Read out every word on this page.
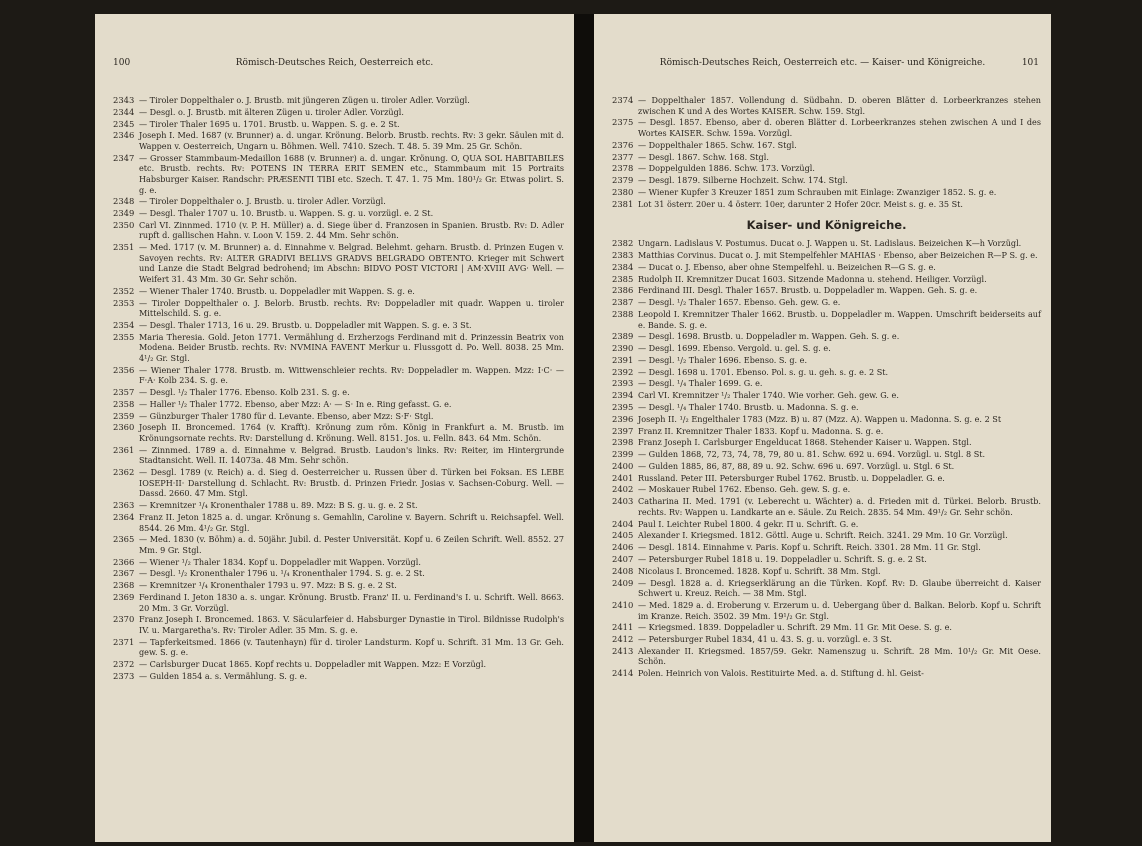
100	Römisch-Deutsches Reich, Oesterreich etc.
2343 — Tiroler Doppelthaler o. J. Brustb. mit jüngeren Zügen u. tiroler Adler. Vorzügl.
2344 — Desgl. o. J. Brustb. mit älteren Zügen u. tiroler Adler. Vorzügl.
2345 — Tiroler Thaler 1695 u. 1701. Brustb. u. Wappen. S. g. e. 2 St.
2346 Joseph I. Med. 1687 (v. Brunner) a. d. ungar. Krönung. Belorb. Brustb. rechts. Rv: 3 gekr. Säulen mit d. Wappen v. Oesterreich, Ungarn u. Böhmen. Well. 7410. Szech. T. 48. 5. 39 Mm. 25 Gr. Schön.
2347 — Grosser Stammbaum-Medaillon 1688 (v. Brunner) a. d. ungar. Krönung. O, QUA SOL HABITABILES etc. Brustb. rechts. Rv: POTENS IN TERRA ERIT SEMEN etc., Stammbaum mit 15 Portraits Habsburger Kaiser. Randschr: PRÆSENTI TIBI etc. Szech. T. 47. 1. 75 Mm. 180¹/₂ Gr. Etwas polirt. S. g. e.
2348 — Tiroler Doppelthaler o. J. Brustb. u. tiroler Adler. Vorzügl.
2349 — Desgl. Thaler 1707 u. 10. Brustb. u. Wappen. S. g. u. vorzügl. e. 2 St.
2350 Carl VI. Zinnmed. 1710 (v. P. H. Müller) a. d. Siege über d. Franzosen in Spanien. Brustb. Rv: D. Adler rupft d. gallischen Hahn. v. Loon V. 159. 2. 44 Mm. Sehr schön.
2351 — Med. 1717 (v. M. Brunner) a. d. Einnahme v. Belgrad. Belehmt. geharn. Brustb. d. Prinzen Eugen v. Savoyen rechts. Rv: ALTER GRADIVI BELLVS GRADVS BELGRADO OBTENTO. Krieger mit Schwert und Lanze die Stadt Belgrad bedrohend; im Abschn: BIDVO POST VICTORI | AM·XVIII AVG· Well. — Weifert 31. 43 Mm. 30 Gr. Sehr schön.
2352 — Wiener Thaler 1740. Brustb. u. Doppeladler mit Wappen. S. g. e.
2353 — Tiroler Doppelthaler o. J. Belorb. Brustb. rechts. Rv: Doppeladler mit quadr. Wappen u. tiroler Mittelschild. S. g. e.
2354 — Desgl. Thaler 1713, 16 u. 29. Brustb. u. Doppeladler mit Wappen. S. g. e. 3 St.
2355 Maria Theresia. Gold. Jeton 1771. Vermählung d. Erzherzogs Ferdinand mit d. Prinzessin Beatrix von Modena. Beider Brustb. rechts. Rv: NVMINA FAVENT Merkur u. Flussgott d. Po. Well. 8038. 25 Mm. 4¹/₂ Gr. Stgl.
2356 — Wiener Thaler 1778. Brustb. m. Wittwenschleier rechts. Rv: Doppeladler m. Wappen. Mzz: I·C· — F·A· Kolb 234. S. g. e.
2357 — Desgl. ¹/₂ Thaler 1776. Ebenso. Kolb 231. S. g. e.
2358 — Haller ¹/₂ Thaler 1772. Ebenso, aber Mzz: A· — S· In e. Ring gefasst. G. e.
2359 — Günzburger Thaler 1780 für d. Levante. Ebenso, aber Mzz: S·F· Stgl.
2360 Joseph II. Broncemed. 1764 (v. Krafft). Krönung zum röm. König in Frankfurt a. M. Brustb. im Krönungsornate rechts. Rv: Darstellung d. Krönung. Well. 8151. Jos. u. Felln. 843. 64 Mm. Schön.
2361 — Zinnmed. 1789 a. d. Einnahme v. Belgrad. Brustb. Laudon's links. Rv: Reiter, im Hintergrunde Stadtansicht. Well. II. 14073a. 48 Mm. Sehr schön.
2362 — Desgl. 1789 (v. Reich) a. d. Sieg d. Oesterreicher u. Russen über d. Türken bei Foksan. ES LEBE IOSEPH·II· Darstellung d. Schlacht. Rv: Brustb. d. Prinzen Friedr. Josias v. Sachsen-Coburg. Well. — Dassd. 2660. 47 Mm. Stgl.
2363 — Kremnitzer ¹/₄ Kronenthaler 1788 u. 89. Mzz: B S. g. u. g. e. 2 St.
2364 Franz II. Jeton 1825 a. d. ungar. Krönung s. Gemahlin, Caroline v. Bayern. Schrift u. Reichsapfel. Well. 8544. 26 Mm. 4¹/₂ Gr. Stgl.
2365 — Med. 1830 (v. Böhm) a. d. 50jähr. Jubil. d. Pester Universität. Kopf u. 6 Zeilen Schrift. Well. 8552. 27 Mm. 9 Gr. Stgl.
2366 — Wiener ¹/₂ Thaler 1834. Kopf u. Doppeladler mit Wappen. Vorzügl.
2367 — Desgl. ¹/₂ Kronenthaler 1796 u. ¹/₄ Kronenthaler 1794. S. g. e. 2 St.
2368 — Kremnitzer ¹/₄ Kronenthaler 1793 u. 97. Mzz: B S. g. e. 2 St.
2369 Ferdinand I. Jeton 1830 a. s. ungar. Krönung. Brustb. Franz' II. u. Ferdinand's I. u. Schrift. Well. 8663. 20 Mm. 3 Gr. Vorzügl.
2370 Franz Joseph I. Broncemed. 1863. V. Säcularfeier d. Habsburger Dynastie in Tirol. Bildnisse Rudolph's IV. u. Margaretha's. Rv: Tiroler Adler. 35 Mm. S. g. e.
2371 — Tapferkeitsmed. 1866 (v. Tautenhayn) für d. tiroler Landsturm. Kopf u. Schrift. 31 Mm. 13 Gr. Geh. gew. S. g. e.
2372 — Carlsburger Ducat 1865. Kopf rechts u. Doppeladler mit Wappen. Mzz: E Vorzügl.
2373 — Gulden 1854 a. s. Vermählung. S. g. e.
Römisch-Deutsches Reich, Oesterreich etc. — Kaiser- und Königreiche.	101
2374 — Doppelthaler 1857. Vollendung d. Südbahn. D. oberen Blätter d. Lorbeerkranzes stehen zwischen K und A des Wortes KAISER. Schw. 159. Stgl.
2375 — Desgl. 1857. Ebenso, aber d. oberen Blätter d. Lorbeerkranzes stehen zwischen A und I des Wortes KAISER. Schw. 159a. Vorzügl.
2376 — Doppelthaler 1865. Schw. 167. Stgl.
2377 — Desgl. 1867. Schw. 168. Stgl.
2378 — Doppelgulden 1886. Schw. 173. Vorzügl.
2379 — Desgl. 1879. Silberne Hochzeit. Schw. 174. Stgl.
2380 — Wiener Kupfer 3 Kreuzer 1851 zum Schrauben mit Einlage: Zwanziger 1852. S. g. e.
2381 Lot 31 österr. 20er u. 4 österr. 10er, darunter 2 Hofer 20cr. Meist s. g. e. 35 St.
Kaiser- und Königreiche.
2382 Ungarn. Ladislaus V. Postumus. Ducat o. J. Wappen u. St. Ladislaus. Beizeichen K—h Vorzügl.
2383 Matthias Corvinus. Ducat o. J. mit Stempelfehler MAHIAS · Ebenso, aber Beizeichen R—P S. g. e.
2384 — Ducat o. J. Ebenso, aber ohne Stempelfehl. u. Beizeichen R—G S. g. e.
2385 Rudolph II. Kremnitzer Ducat 1603. Sitzende Madonna u. stehend. Heiliger. Vorzügl.
2386 Ferdinand III. Desgl. Thaler 1657. Brustb. u. Doppeladler m. Wappen. Geh. S. g. e.
2387 — Desgl. ¹/₂ Thaler 1657. Ebenso. Geh. gew. G. e.
2388 Leopold I. Kremnitzer Thaler 1662. Brustb. u. Doppeladler m. Wappen. Umschrift beiderseits auf e. Bande. S. g. e.
2389 — Desgl. 1698. Brustb. u. Doppeladler m. Wappen. Geh. S. g. e.
2390 — Desgl. 1699. Ebenso. Vergold. u. gel. S. g. e.
2391 — Desgl. ¹/₂ Thaler 1696. Ebenso. S. g. e.
2392 — Desgl. 1698 u. 1701. Ebenso. Pol. s. g. u. geh. s. g. e. 2 St.
2393 — Desgl. ¹/₄ Thaler 1699. G. e.
2394 Carl VI. Kremnitzer ¹/₂ Thaler 1740. Wie vorher. Geh. gew. G. e.
2395 — Desgl. ¹/₄ Thaler 1740. Brustb. u. Madonna. S. g. e.
2396 Joseph II. ¹/₂ Engelthaler 1783 (Mzz. B) u. 87 (Mzz. A). Wappen u. Madonna. S. g. e. 2 St
2397 Franz II. Kremnitzer Thaler 1833. Kopf u. Madonna. S. g. e.
2398 Franz Joseph I. Carlsburger Engelducat 1868. Stehender Kaiser u. Wappen. Stgl.
2399 — Gulden 1868, 72, 73, 74, 78, 79, 80 u. 81. Schw. 692 u. 694. Vorzügl. u. Stgl. 8 St.
2400 — Gulden 1885, 86, 87, 88, 89 u. 92. Schw. 696 u. 697. Vorzügl. u. Stgl. 6 St.
2401 Russland. Peter III. Petersburger Rubel 1762. Brustb. u. Doppeladler. G. e.
2402 — Moskauer Rubel 1762. Ebenso. Geh. gew. S. g. e.
2403 Catharina II. Med. 1791 (v. Leberecht u. Wächter) a. d. Frieden mit d. Türkei. Belorb. Brustb. rechts. Rv: Wappen u. Landkarte an e. Säule. Zu Reich. 2835. 54 Mm. 49¹/₂ Gr. Sehr schön.
2404 Paul I. Leichter Rubel 1800. 4 gekr. П u. Schrift. G. e.
2405 Alexander I. Kriegsmed. 1812. Göttl. Auge u. Schrift. Reich. 3241. 29 Mm. 10 Gr. Vorzügl.
2406 — Desgl. 1814. Einnahme v. Paris. Kopf u. Schrift. Reich. 3301. 28 Mm. 11 Gr. Stgl.
2407 — Petersburger Rubel 1818 u. 19. Doppeladler u. Schrift. S. g. e. 2 St.
2408 Nicolaus I. Broncemed. 1828. Kopf u. Schrift. 38 Mm. Stgl.
2409 — Desgl. 1828 a. d. Kriegserklärung an die Türken. Kopf. Rv: D. Glaube überreicht d. Kaiser Schwert u. Kreuz. Reich. — 38 Mm. Stgl.
2410 — Med. 1829 a. d. Eroberung v. Erzerum u. d. Uebergang über d. Balkan. Belorb. Kopf u. Schrift im Kranze. Reich. 3502. 39 Mm. 19¹/₂ Gr. Stgl.
2411 — Kriegsmed. 1839. Doppeladler u. Schrift. 29 Mm. 11 Gr. Mit Oese. S. g. e.
2412 — Petersburger Rubel 1834, 41 u. 43. S. g. u. vorzügl. e. 3 St.
2413 Alexander II. Kriegsmed. 1857/59. Gekr. Namenszug u. Schrift. 28 Mm. 10¹/₂ Gr. Mit Oese. Schön.
2414 Polen. Heinrich von Valois. Restituirte Med. a. d. Stiftung d. hl. Geist-
